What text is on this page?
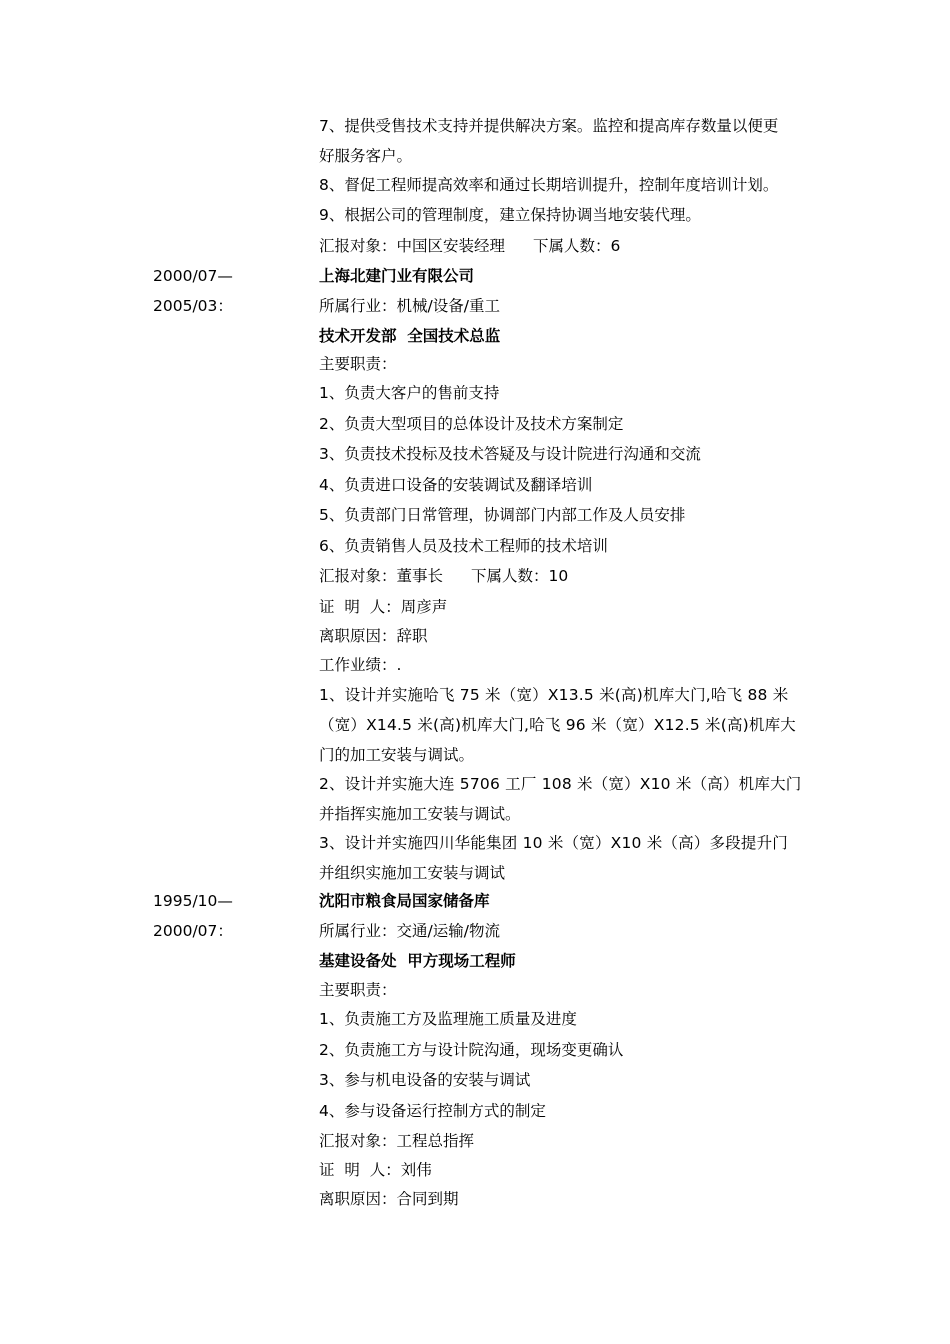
7、提供受售技术支持并提供解决方案。监控和提高库存数量以便更
好服务客户。
8、督促工程师提高效率和通过长期培训提升，控制年度培训计划。
9、根据公司的管理制度，建立保持协调当地安装代理。
汇报对象：中国区安装经理 下属人数：6
2000/07—
2005/03：
上海北建门业有限公司
所属行业：机械/设备/重工
技术开发部  全国技术总监
主要职责：
1、负责大客户的售前支持
2、负责大型项目的总体设计及技术方案制定
3、负责技术投标及技术答疑及与设计院进行沟通和交流
4、负责进口设备的安装调试及翻译培训
5、负责部门日常管理，协调部门内部工作及人员安排
6、负责销售人员及技术工程师的技术培训
汇报对象：董事长 下属人数：10
证  明  人：周彦声
离职原因：辞职
工作业绩：.
1、设计并实施哈飞 75 米（宽）X13.5 米(高)机库大门,哈飞 88 米
（宽）X14.5 米(高)机库大门,哈飞 96 米（宽）X12.5 米(高)机库大
门的加工安装与调试。
2、设计并实施大连 5706 工厂 108 米（宽）X10 米（高）机库大门
并指挥实施加工安装与调试。
3、设计并实施四川华能集团 10 米（宽）X10 米（高）多段提升门
并组织实施加工安装与调试
1995/10—
2000/07：
沈阳市粮食局国家储备库
所属行业：交通/运输/物流
基建设备处  甲方现场工程师
主要职责：
1、负责施工方及监理施工质量及进度
2、负责施工方与设计院沟通，现场变更确认
3、参与机电设备的安装与调试
4、参与设备运行控制方式的制定
汇报对象：工程总指挥
证  明  人：刘伟
离职原因：合同到期
